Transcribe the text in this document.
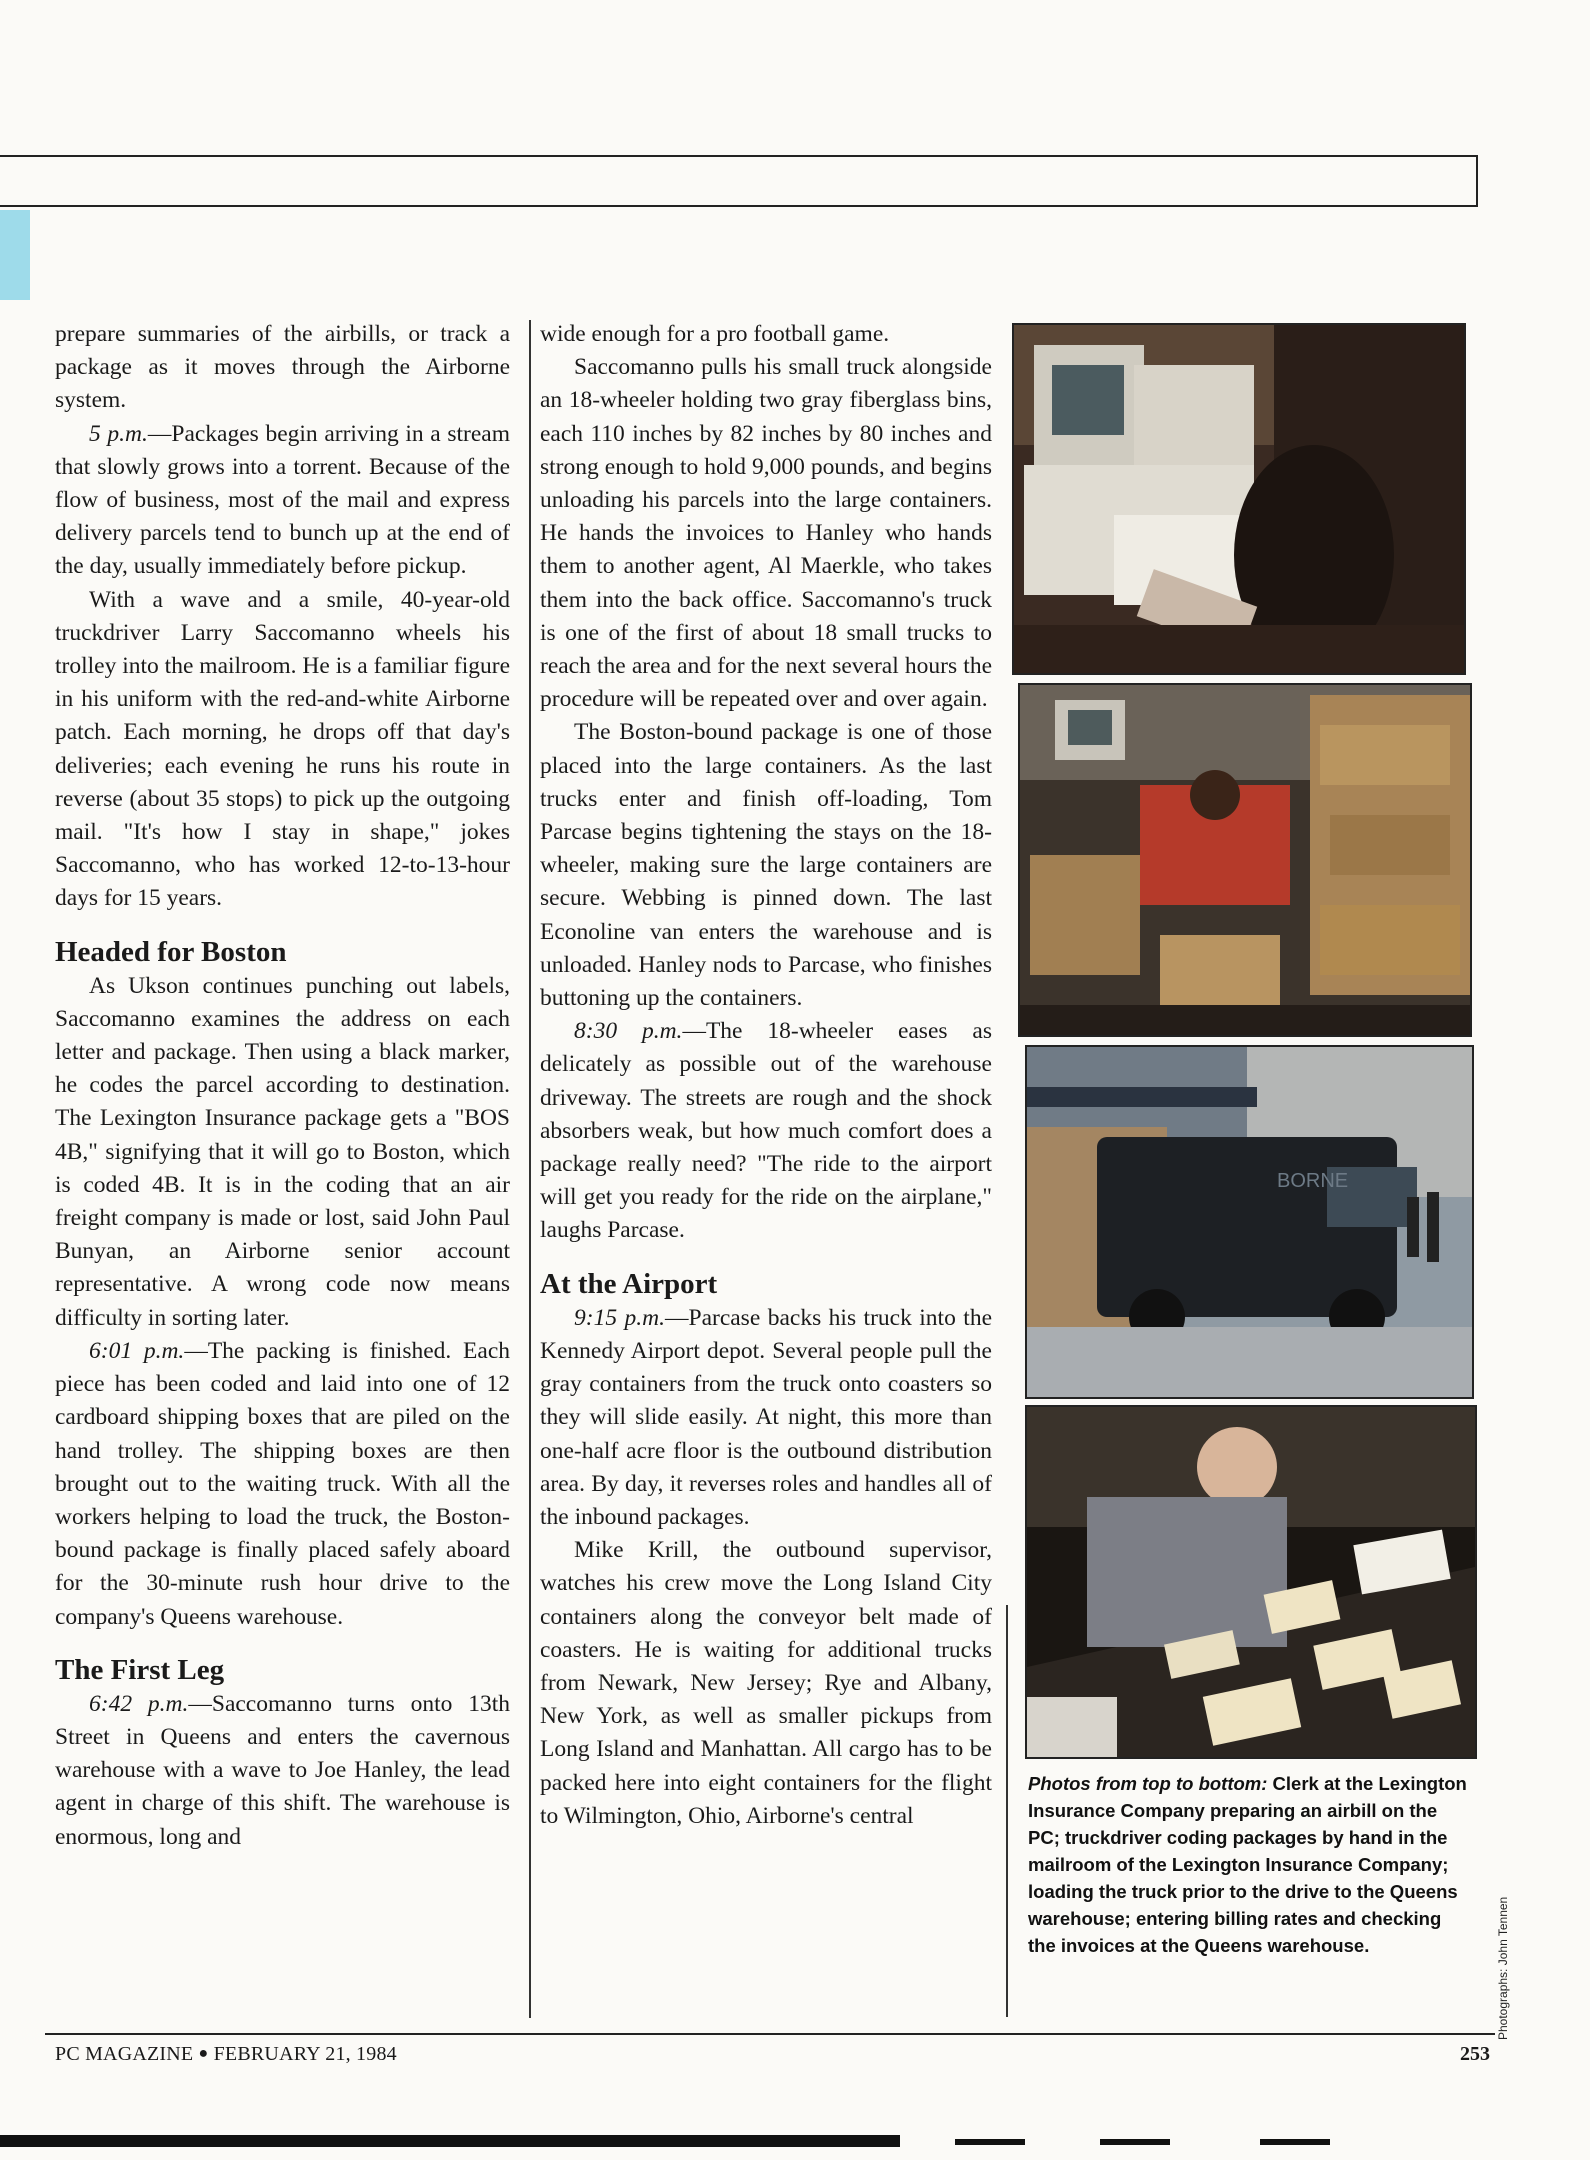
prepare summaries of the airbills, or track a package as it moves through the Airborne system.

5 p.m.—Packages begin arriving in a stream that slowly grows into a torrent. Because of the flow of business, most of the mail and express delivery parcels tend to bunch up at the end of the day, usually immediately before pickup.

With a wave and a smile, 40-year-old truckdriver Larry Saccomanno wheels his trolley into the mailroom. He is a familiar figure in his uniform with the red-and-white Airborne patch. Each morning, he drops off that day's deliveries; each evening he runs his route in reverse (about 35 stops) to pick up the outgoing mail. "It's how I stay in shape," jokes Saccomanno, who has worked 12-to-13-hour days for 15 years.

Headed for Boston

As Ukson continues punching out labels, Saccomanno examines the address on each letter and package. Then using a black marker, he codes the parcel according to destination. The Lexington Insurance package gets a "BOS 4B," signifying that it will go to Boston, which is coded 4B. It is in the coding that an air freight company is made or lost, said John Paul Bunyan, an Airborne senior account representative. A wrong code now means difficulty in sorting later.

6:01 p.m.—The packing is finished. Each piece has been coded and laid into one of 12 cardboard shipping boxes that are piled on the hand trolley. The shipping boxes are then brought out to the waiting truck. With all the workers helping to load the truck, the Boston-bound package is finally placed safely aboard for the 30-minute rush hour drive to the company's Queens warehouse.

The First Leg

6:42 p.m.—Saccomanno turns onto 13th Street in Queens and enters the cavernous warehouse with a wave to Joe Hanley, the lead agent in charge of this shift. The warehouse is enormous, long and

wide enough for a pro football game.

Saccomanno pulls his small truck alongside an 18-wheeler holding two gray fiberglass bins, each 110 inches by 82 inches by 80 inches and strong enough to hold 9,000 pounds, and begins unloading his parcels into the large containers. He hands the invoices to Hanley who hands them to another agent, Al Maerkle, who takes them into the back office. Saccomanno's truck is one of the first of about 18 small trucks to reach the area and for the next several hours the procedure will be repeated over and over again.

The Boston-bound package is one of those placed into the large containers. As the last trucks enter and finish off-loading, Tom Parcase begins tightening the stays on the 18-wheeler, making sure the large containers are secure. Webbing is pinned down. The last Econoline van enters the warehouse and is unloaded. Hanley nods to Parcase, who finishes buttoning up the containers.

8:30 p.m.—The 18-wheeler eases as delicately as possible out of the warehouse driveway. The streets are rough and the shock absorbers weak, but how much comfort does a package really need? "The ride to the airport will get you ready for the ride on the airplane," laughs Parcase.

At the Airport

9:15 p.m.—Parcase backs his truck into the Kennedy Airport depot. Several people pull the gray containers from the truck onto coasters so they will slide easily. At night, this more than one-half acre floor is the outbound distribution area. By day, it reverses roles and handles all of the inbound packages.

Mike Krill, the outbound supervisor, watches his crew move the Long Island City containers along the conveyor belt made of coasters. He is waiting for additional trucks from Newark, New Jersey; Rye and Albany, New York, as well as smaller pickups from Long Island and Manhattan. All cargo has to be packed here into eight containers for the flight to Wilmington, Ohio, Airborne's central

BORNE
Photos from top to bottom: Clerk at the Lexington Insurance Company preparing an airbill on the PC; truckdriver coding packages by hand in the mailroom of the Lexington Insurance Company; loading the truck prior to the drive to the Queens warehouse; entering billing rates and checking the invoices at the Queens warehouse.	Photographs: John Tennen
PC MAGAZINE ● FEBRUARY 21, 1984	253
